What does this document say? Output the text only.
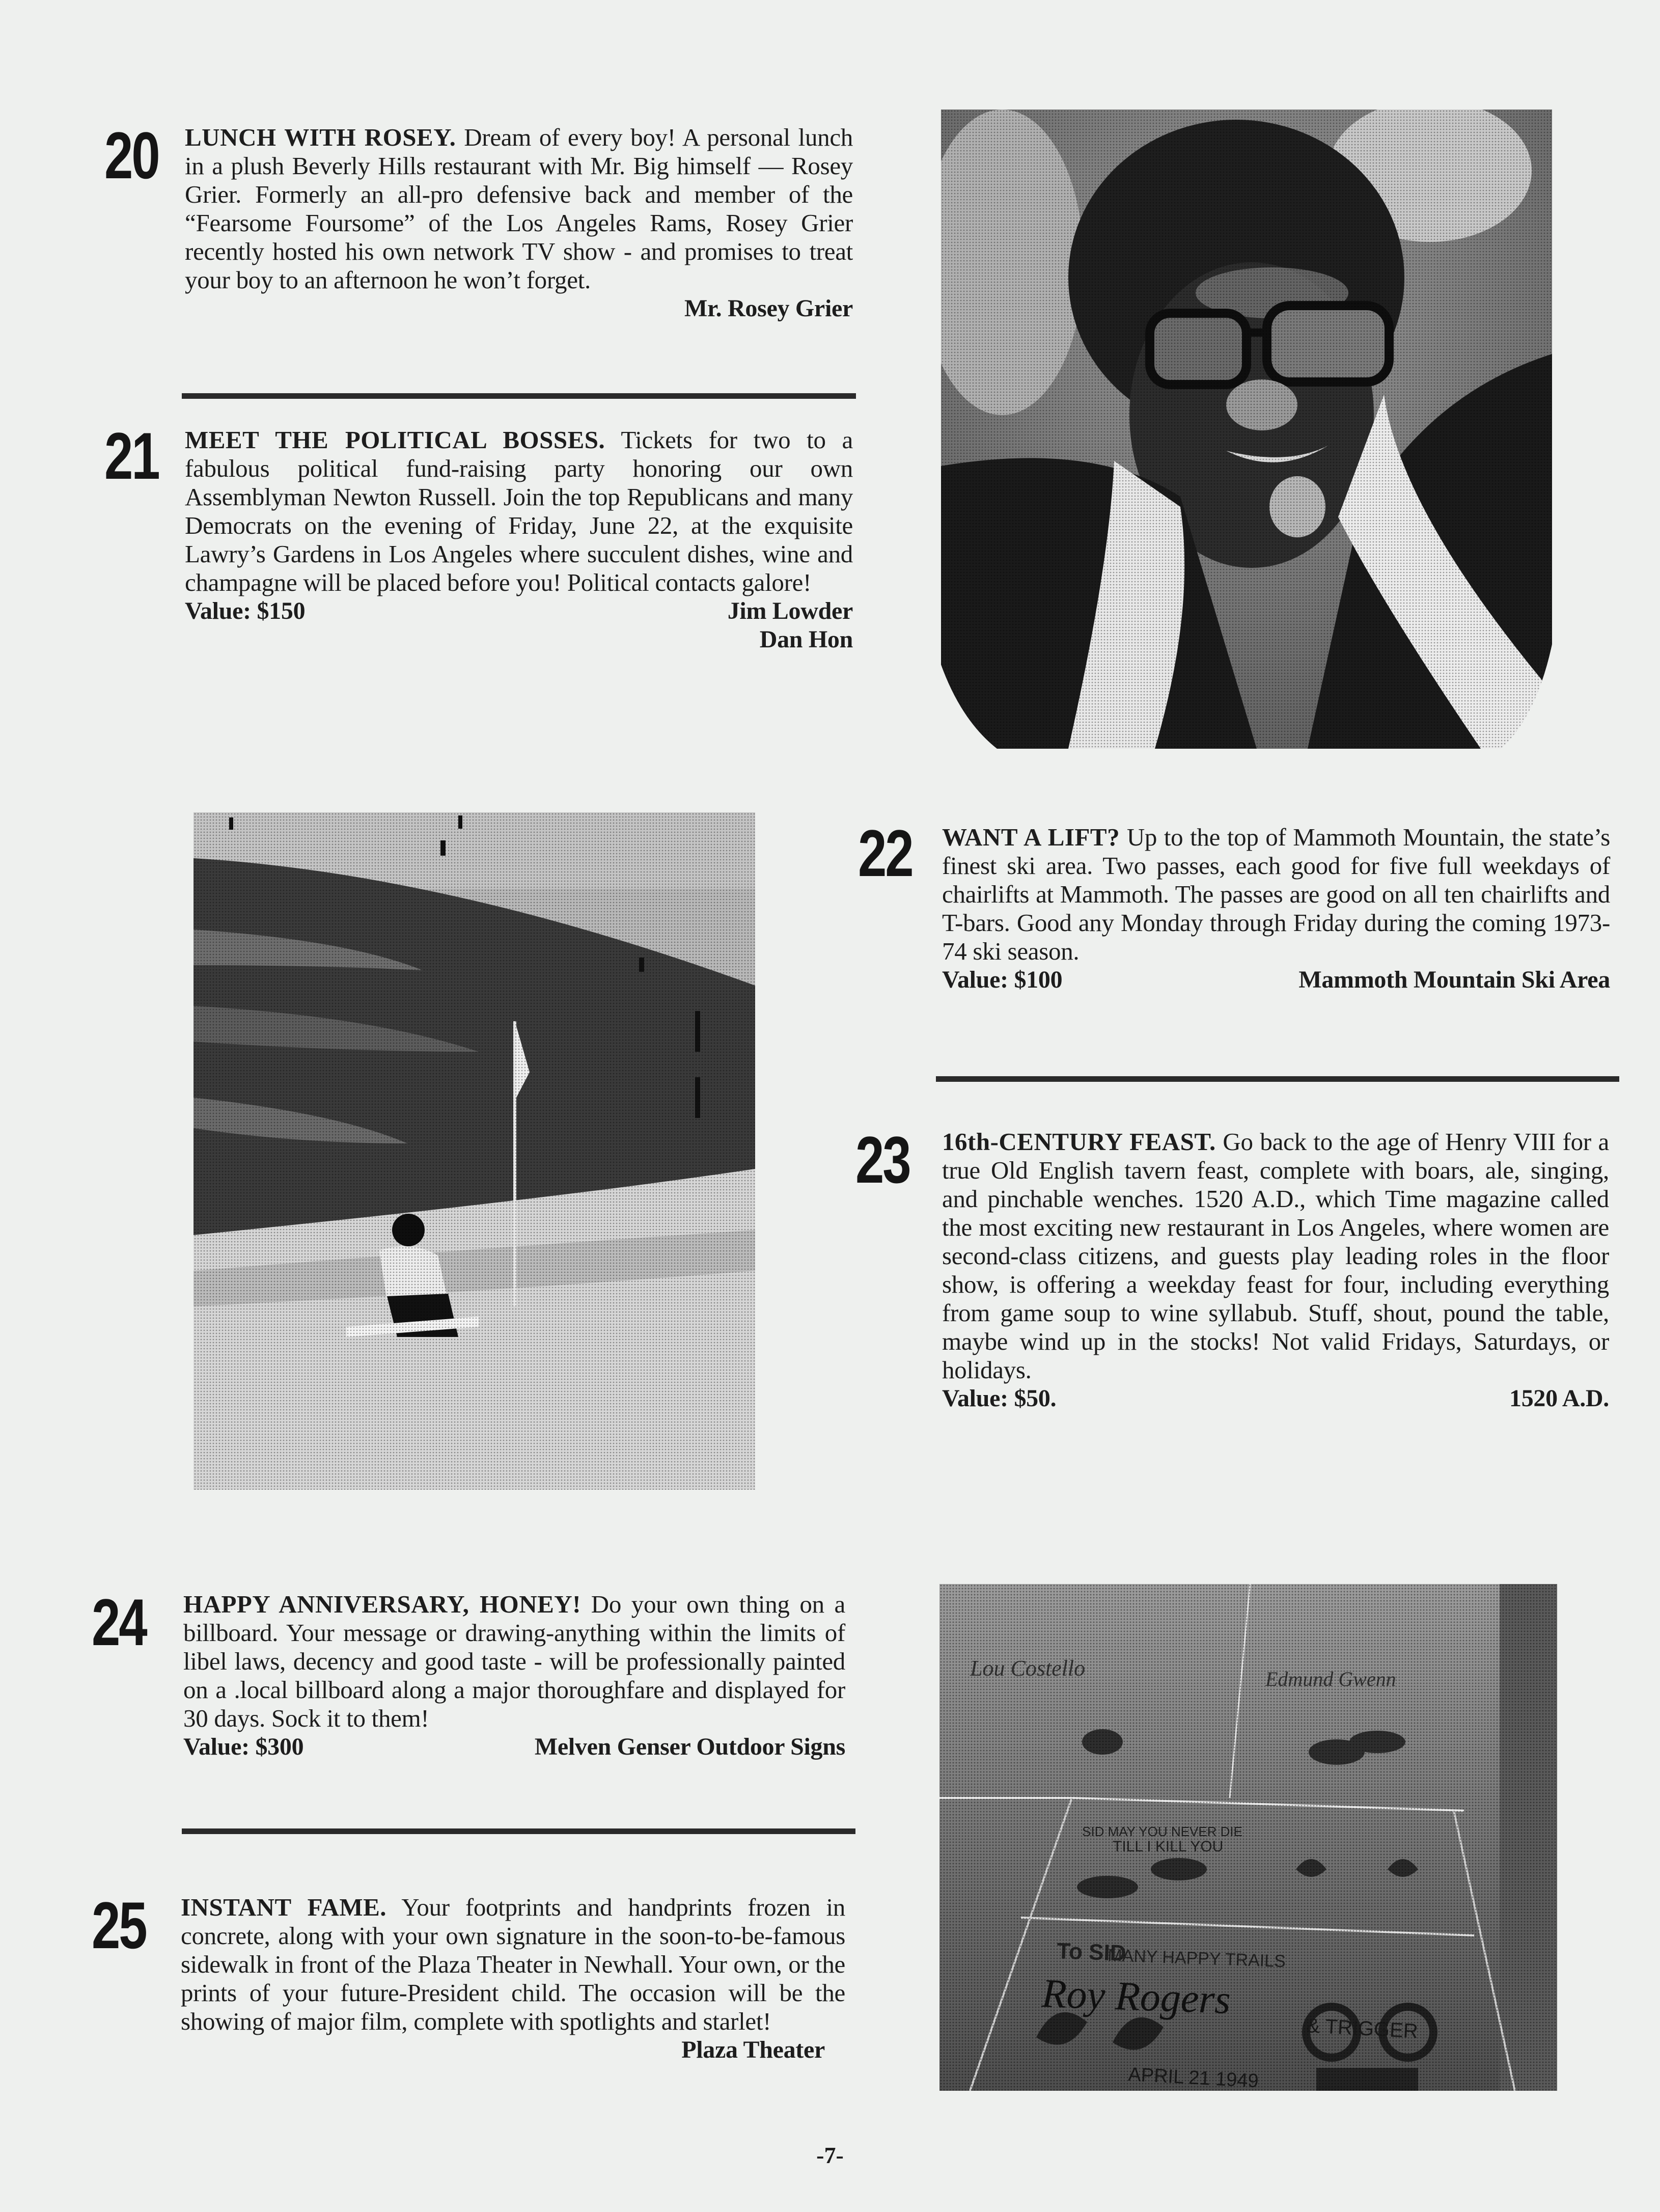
20 LUNCH WITH ROSEY. Dream of every boy! A personal lunch in a plush Beverly Hills restaurant with Mr. Big himself — Rosey Grier. Formerly an all-pro defensive back and member of the “Fearsome Foursome” of the Los Angeles Rams, Rosey Grier recently hosted his own network TV show - and promises to treat your boy to an afternoon he won’t forget.
Mr. Rosey Grier
21 MEET THE POLITICAL BOSSES. Tickets for two to a fabulous political fund-raising party honoring our own Assemblyman Newton Russell. Join the top Republicans and many Democrats on the evening of Friday, June 22, at the exquisite Lawry’s Gardens in Los Angeles where succulent dishes, wine and champagne will be placed before you! Political contacts galore!
Value: $150	Jim Lowder
Dan Hon
22 WANT A LIFT? Up to the top of Mammoth Mountain, the state’s finest ski area. Two passes, each good for five full weekdays of chairlifts at Mammoth. The passes are good on all ten chairlifts and T-bars. Good any Monday through Friday during the coming 1973-74 ski season.
Value: $100	Mammoth Mountain Ski Area
23 16th-CENTURY FEAST. Go back to the age of Henry VIII for a true Old English tavern feast, complete with boars, ale, singing, and pinchable wenches. 1520 A.D., which Time magazine called the most exciting new restaurant in Los Angeles, where women are second-class citizens, and guests play leading roles in the floor show, is offering a weekday feast for four, including everything from game soup to wine syllabub. Stuff, shout, pound the table, maybe wind up in the stocks! Not valid Fridays, Saturdays, or holidays.
Value: $50.	1520 A.D.
24 HAPPY ANNIVERSARY, HONEY! Do your own thing on a billboard. Your message or drawing-anything within the limits of libel laws, decency and good taste - will be professionally painted on a .local billboard along a major thoroughfare and displayed for 30 days. Sock it to them!
Value: $300	Melven Genser Outdoor Signs
25 INSTANT FAME. Your footprints and handprints frozen in concrete, along with your own signature in the soon-to-be-famous sidewalk in front of the Plaza Theater in Newhall. Your own, or the prints of your future-President child. The occasion will be the showing of major film, complete with spotlights and starlet!
Plaza Theater
-7-
